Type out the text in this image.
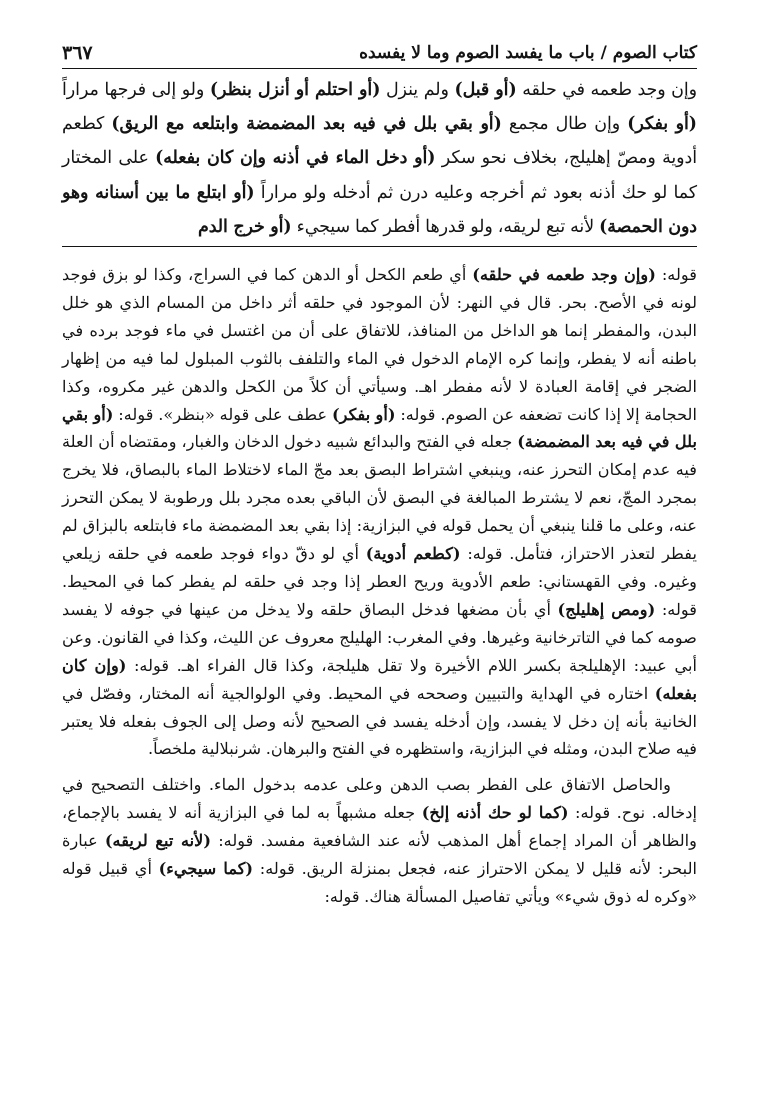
كتاب الصوم / باب ما يفسد الصوم وما لا يفسده
٣٦٧
وإن وجد طعمه في حلقه (أو قبل) ولم ينزل (أو احتلم أو أنزل بنظر) ولو إلى فرجها مراراً (أو بفكر) وإن طال مجمع (أو بقي بلل في فيه بعد المضمضة وابتلعه مع الريق) كطعم أدوية ومصّ إهليلج، بخلاف نحو سكر (أو دخل الماء في أذنه وإن كان بفعله) على المختار كما لو حك أذنه بعود ثم أخرجه وعليه درن ثم أدخله ولو مراراً (أو ابتلع ما بين أسنانه وهو دون الحمصة) لأنه تبع لريقه، ولو قدرها أفطر كما سيجيء (أو خرج الدم

قوله: (وإن وجد طعمه في حلقه) أي طعم الكحل أو الدهن كما في السراج، وكذا لو بزق فوجد لونه في الأصح. بحر. قال في النهر: لأن الموجود في حلقه أثر داخل من المسام الذي هو خلل البدن، والمفطر إنما هو الداخل من المنافذ، للاتفاق على أن من اغتسل في ماء فوجد برده في باطنه أنه لا يفطر، وإنما كره الإمام الدخول في الماء والتلفف بالثوب المبلول لما فيه من إظهار الضجر في إقامة العبادة لا لأنه مفطر اهـ. وسيأتي أن كلاً من الكحل والدهن غير مكروه، وكذا الحجامة إلا إذا كانت تضعفه عن الصوم. قوله: (أو بفكر) عطف على قوله «بنظر». قوله: (أو بقي بلل في فيه بعد المضمضة) جعله في الفتح والبدائع شبيه دخول الدخان والغبار، ومقتضاه أن العلة فيه عدم إمكان التحرز عنه، وينبغي اشتراط البصق بعد مجّ الماء لاختلاط الماء بالبصاق، فلا يخرج بمجرد المجّ، نعم لا يشترط المبالغة في البصق لأن الباقي بعده مجرد بلل ورطوبة لا يمكن التحرز عنه، وعلى ما قلنا ينبغي أن يحمل قوله في البزازية: إذا بقي بعد المضمضة ماء فابتلعه بالبزاق لم يفطر لتعذر الاحتراز، فتأمل. قوله: (كطعم أدوية) أي لو دقّ دواء فوجد طعمه في حلقه زيلعي وغيره. وفي القهستاني: طعم الأدوية وريح العطر إذا وجد في حلقه لم يفطر كما في المحيط. قوله: (ومص إهليلج) أي بأن مضغها فدخل البصاق حلقه ولا يدخل من عينها في جوفه لا يفسد صومه كما في التاترخانية وغيرها. وفي المغرب: الهليلج معروف عن الليث، وكذا في القانون. وعن أبي عبيد: الإهليلجة بكسر اللام الأخيرة ولا تقل هليلجة، وكذا قال الفراء اهـ. قوله: (وإن كان بفعله) اختاره في الهداية والتبيين وصححه في المحيط. وفي الولوالجية أنه المختار، وفصّل في الخانية بأنه إن دخل لا يفسد، وإن أدخله يفسد في الصحيح لأنه وصل إلى الجوف بفعله فلا يعتبر فيه صلاح البدن، ومثله في البزازية، واستظهره في الفتح والبرهان. شرنبلالية ملخصاً.

والحاصل الاتفاق على الفطر بصب الدهن وعلى عدمه بدخول الماء. واختلف التصحيح في إدخاله. نوح. قوله: (كما لو حك أذنه إلخ) جعله مشبهاً به لما في البزازية أنه لا يفسد بالإجماع، والظاهر أن المراد إجماع أهل المذهب لأنه عند الشافعية مفسد. قوله: (لأنه تبع لريقه) عبارة البحر: لأنه قليل لا يمكن الاحتراز عنه، فجعل بمنزلة الريق. قوله: (كما سيجيء) أي قبيل قوله «وكره له ذوق شيء» ويأتي تفاصيل المسألة هناك. قوله:
